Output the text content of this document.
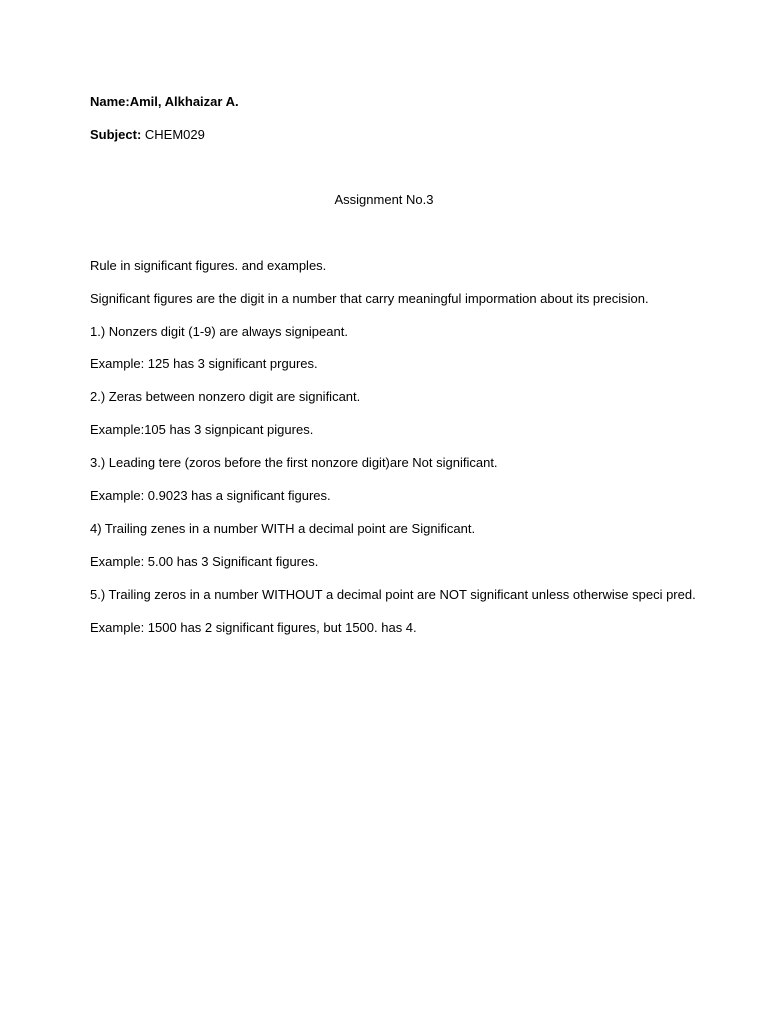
Name:Amil, Alkhaizar A.
Subject: CHEM029
Assignment No.3
Rule in significant figures. and examples.
Significant figures are the digit in a number that carry meaningful impormation about its precision.
1.) Nonzers digit (1-9) are always signipeant.
Example: 125 has 3 significant prgures.
2.) Zeras between nonzero digit are significant.
Example:105 has 3 signpicant pigures.
3.) Leading tere (zoros before the first nonzore digit)are Not significant.
Example: 0.9023 has a significant figures.
4) Trailing zenes in a number WITH a decimal point are Significant.
Example: 5.00 has 3 Significant figures.
5.) Trailing zeros in a number WITHOUT a decimal point are NOT significant unless otherwise speci pred.
Example: 1500 has 2 significant figures, but 1500. has 4.
